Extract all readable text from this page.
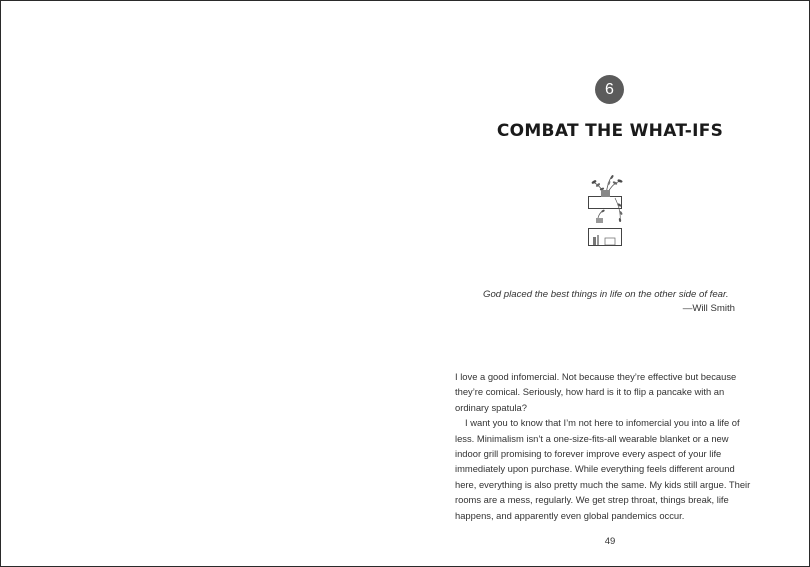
6
COMBAT THE WHAT-IFS
God placed the best things in life on the other side of fear.
—Will Smith

I love a good infomercial. Not because they’re effective but because they’re comical. Seriously, how hard is it to flip a pancake with an ordinary spatula?

I want you to know that I’m not here to infomercial you into a life of less. Minimalism isn’t a one-size-fits-all wearable blanket or a new indoor grill promising to forever improve every aspect of your life immediately upon purchase. While everything feels different around here, everything is also pretty much the same. My kids still argue. Their rooms are a mess, regularly. We get strep throat, things break, life happens, and apparently even global pandemics occur.

49
